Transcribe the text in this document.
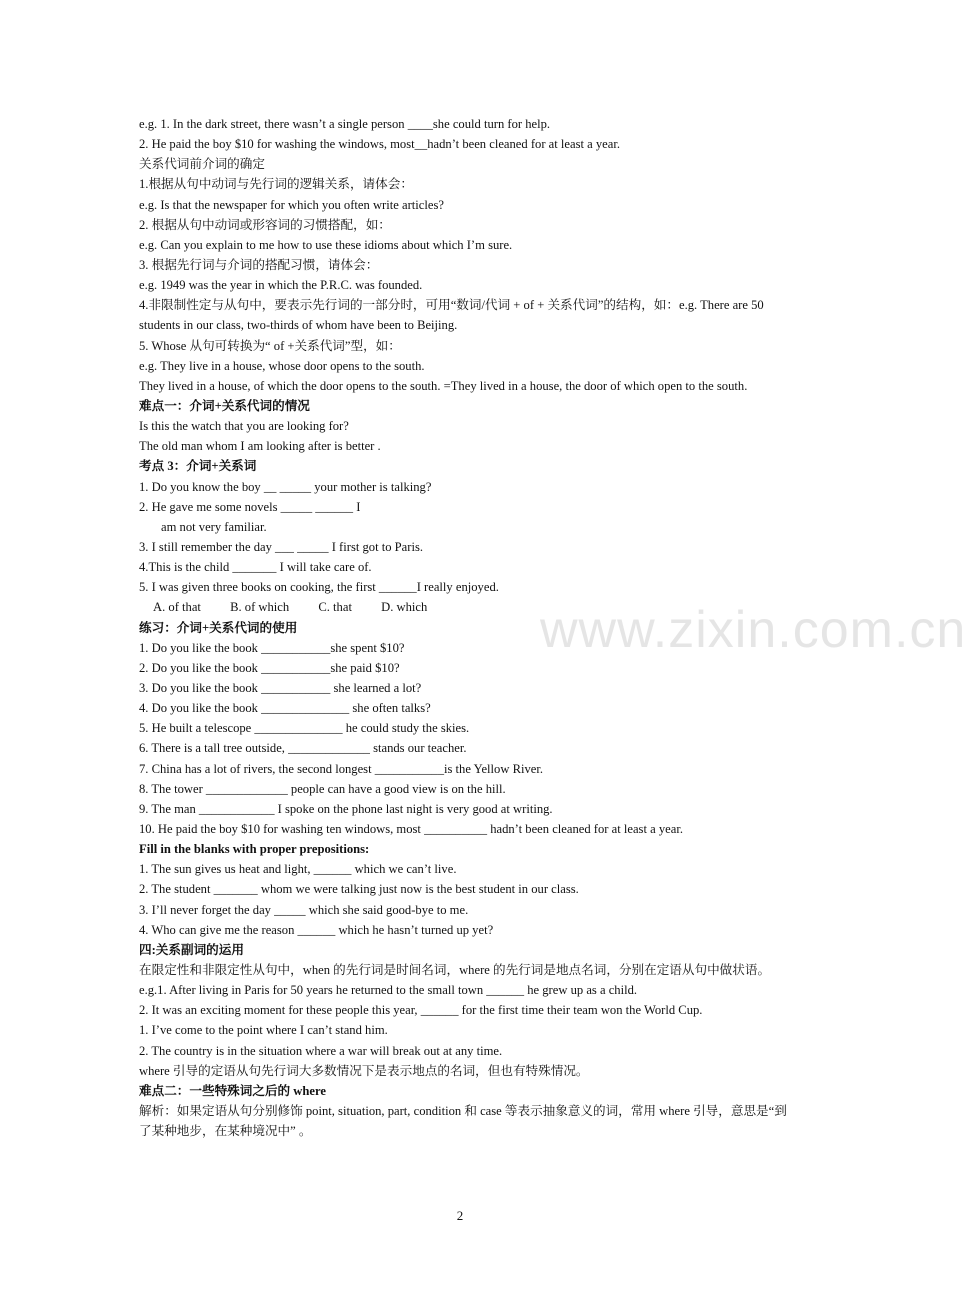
e.g. 1. In the dark street, there wasn’t a single person ____she could turn for help.
2. He paid the boy $10 for washing the windows, most__hadn’t been cleaned for at least a year.
关系代词前介词的确定
1.根据从句中动词与先行词的逻辑关系，请体会：
e.g. Is that the newspaper for which you often write articles?
2. 根据从句中动词或形容词的习惯搭配，如：
e.g. Can you explain to me how to use these idioms about which I’m sure.
3. 根据先行词与介词的搭配习惯，请体会：
e.g. 1949 was the year in which the P.R.C. was founded.
4.非限制性定与从句中，要表示先行词的一部分时，可用“数词/代词 + of + 关系代词”的结构，如：e.g. There are 50 students in our class, two-thirds of whom have been to Beijing.
5. Whose 从句可转换为“ of +关系代词”型，如：
e.g. They live in a house, whose door opens to the south.
They lived in a house, of which the door opens to the south. =They lived in a house, the door of which open to the south.
难点一：介词+关系代词的情况
Is this the watch that you are looking for?
The old man whom I am looking after is better .
考点 3：介词+关系词
1. Do you know the boy __ _____ your mother is talking?
2. He gave me some novels _____ ______ I
am not very familiar.
3. I still remember the day ___ _____ I first got to Paris.
4.This is the child _______ I will take care of.
5. I was given three books on cooking, the first ______I really enjoyed.
A. of that B. of which C. that D. which
练习：介词+关系代词的使用
1. Do you like the book ___________she spent $10?
2. Do you like the book ___________she paid $10?
3. Do you like the book ___________ she learned a lot?
4. Do you like the book ______________ she often talks?
5. He built a telescope ______________ he could study the skies.
6. There is a tall tree outside, _____________ stands our teacher.
7. China has a lot of rivers, the second longest ___________is the Yellow River.
8. The tower _____________ people can have a good view is on the hill.
9. The man ____________ I spoke on the phone last night is very good at writing.
10. He paid the boy $10 for washing ten windows, most __________ hadn’t been cleaned for at least a year.
Fill in the blanks with proper prepositions:
1. The sun gives us heat and light, ______ which we can’t live.
2. The student _______ whom we were talking just now is the best student in our class.
3. I’ll never forget the day _____ which she said good-bye to me.
4. Who can give me the reason ______ which he hasn’t turned up yet?
四:关系副词的运用
在限定性和非限定性从句中，when 的先行词是时间名词，where 的先行词是地点名词，分别在定语从句中做状语。
e.g.1. After living in Paris for 50 years he returned to the small town ______ he grew up as a child.
2. It was an exciting moment for these people this year, ______ for the first time their team won the World Cup.
1. I’ve come to the point where I can’t stand him.
2. The country is in the situation where a war will break out at any time.
where 引导的定语从句先行词大多数情况下是表示地点的名词，但也有特殊情况。
难点二：一些特殊词之后的 where
解析：如果定语从句分别修饰 point, situation, part, condition 和 case 等表示抽象意义的词，常用 where 引导，意思是“到了某种地步，在某种境况中” 。
www.zixin.com.cn
2
